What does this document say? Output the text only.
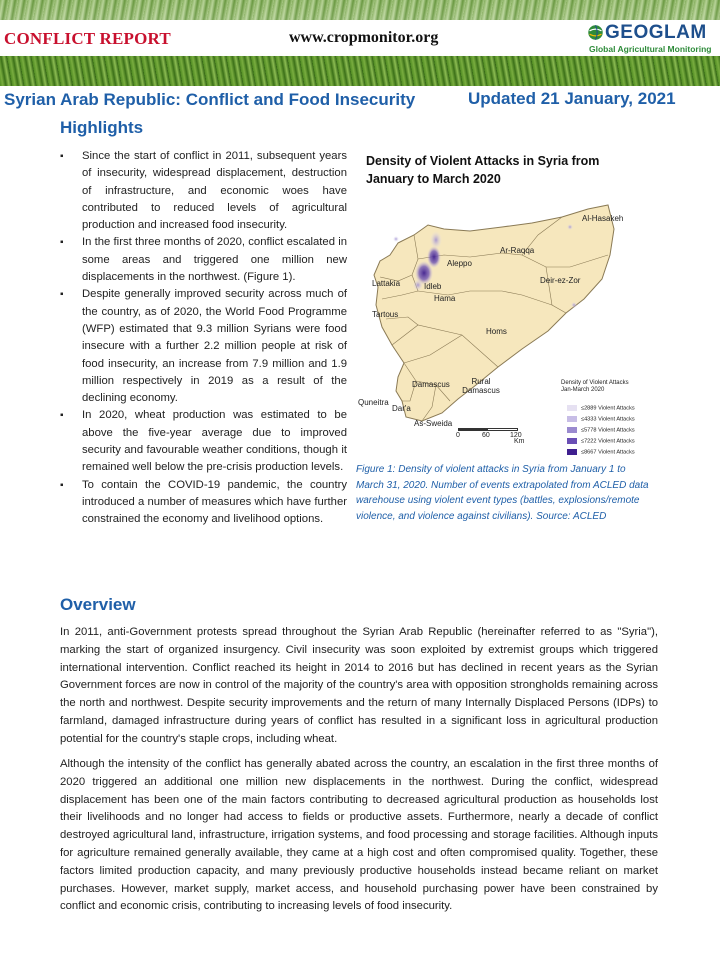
CONFLICT REPORT	www.cropmonitor.org	GEOGLAM
Global Agricultural Monitoring
Syrian Arab Republic: Conflict and Food Insecurity	Updated 21 January, 2021
Highlights
▪ Since the start of conflict in 2011, subsequent years of insecurity, widespread displacement, destruction of infrastructure, and economic woes have contributed to reduced levels of agricultural production and increased food insecurity.
▪ In the first three months of 2020, conflict escalated in some areas and triggered one million new displacements in the northwest. (Figure 1).
▪ Despite generally improved security across much of the country, as of 2020, the World Food Programme (WFP) estimated that 9.3 million Syrians were food insecure with a further 2.2 million people at risk of food insecurity, an increase from 7.9 million and 1.9 million respectively in 2019 as a result of the declining economy.
▪ In 2020, wheat production was estimated to be above the five-year average due to improved security and favourable weather conditions, though it remained well below the pre-crisis production levels.
▪ To contain the COVID-19 pandemic, the country introduced a number of measures which have further constrained the economy and livelihood options.
Density of Violent Attacks in Syria from January to March 2020
Al-Hasakeh
Ar-Raqqa
Aleppo
Idleb
Lattakia
Hama
Tartous
Deir-ez-Zor
Homs
Damascus	Rural Damascus
Quneitra
Dar'a
As-Sweida
Density of Violent Attacks Jan-March 2020
≤2889 Violent Attacks
≤4333 Violent Attacks
≤5778 Violent Attacks
≤7222 Violent Attacks
≤8667 Violent Attacks
0	60	120
Km
Figure 1: Density of violent attacks in Syria from January 1 to March 31, 2020. Number of events extrapolated from ACLED data warehouse using violent event types (battles, explosions/remote violence, and violence against civilians). Source: ACLED
Overview

In 2011, anti-Government protests spread throughout the Syrian Arab Republic (hereinafter referred to as "Syria"), marking the start of organized insurgency. Civil insecurity was soon exploited by extremist groups which triggered international intervention. Conflict reached its height in 2014 to 2016 but has declined in recent years as the Syrian Government forces are now in control of the majority of the country's area with opposition strongholds remaining across the north and northwest. Despite security improvements and the return of many Internally Displaced Persons (IDPs) to farmland, damaged infrastructure during years of conflict has resulted in a significant loss in agricultural production potential for the country's staple crops, including wheat.

Although the intensity of the conflict has generally abated across the country, an escalation in the first three months of 2020 triggered an additional one million new displacements in the northwest. During the conflict, widespread displacement has been one of the main factors contributing to decreased agricultural production as households lost their livelihoods and no longer had access to fields or productive assets. Furthermore, nearly a decade of conflict destroyed agricultural land, infrastructure, irrigation systems, and food processing and storage facilities. Although inputs for agriculture remained generally available, they came at a high cost and often compromised quality. Together, these factors limited production capacity, and many previously productive households instead became reliant on market purchases. However, market supply, market access, and household purchasing power have been constrained by conflict and economic crisis, contributing to increasing levels of food insecurity.
